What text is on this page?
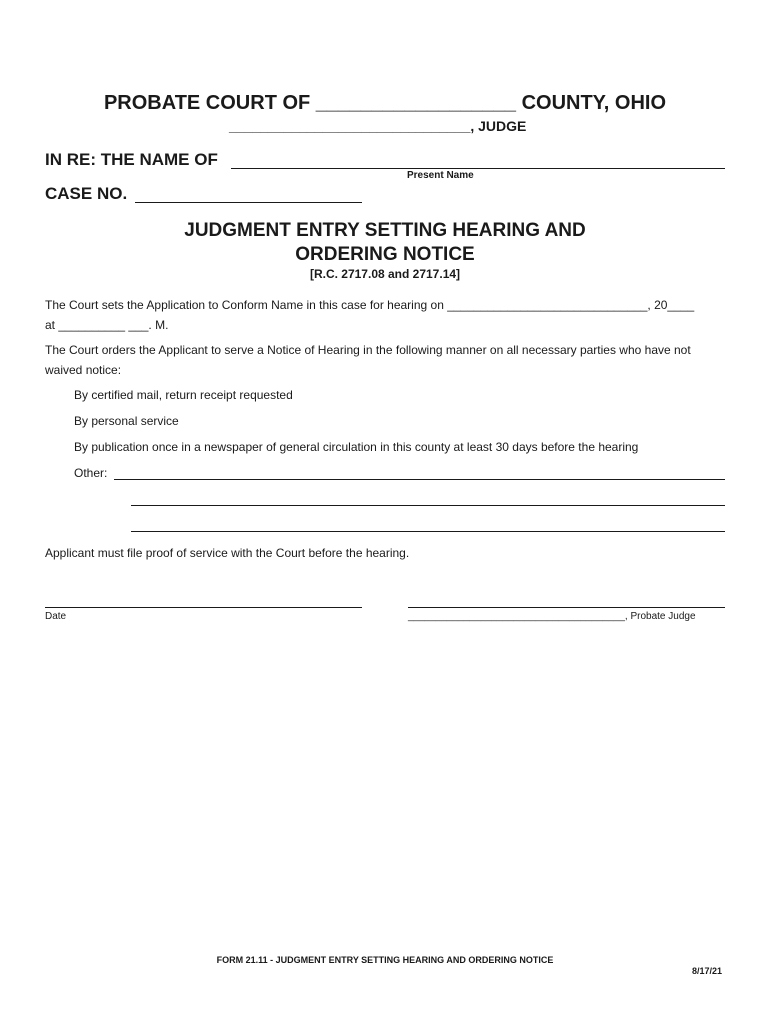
PROBATE COURT OF __________________ COUNTY, OHIO
_______________________________, JUDGE
IN RE: THE NAME OF
Present Name
CASE NO.
JUDGMENT ENTRY SETTING HEARING AND
ORDERING NOTICE
[R.C. 2717.08 and 2717.14]
The Court sets the Application to Conform Name in this case for hearing on ______________________________, 20____
at __________ ___. M.
The Court orders the Applicant to serve a Notice of Hearing in the following manner on all necessary parties who have not
waived notice:
By certified mail, return receipt requested
By personal service
By publication once in a newspaper of general circulation in this county at least 30 days before the hearing
Other:
Applicant must file proof of service with the Court before the hearing.
Date	_______________________________________, Probate Judge
FORM 21.11 - JUDGMENT ENTRY SETTING HEARING AND ORDERING NOTICE
8/17/21
